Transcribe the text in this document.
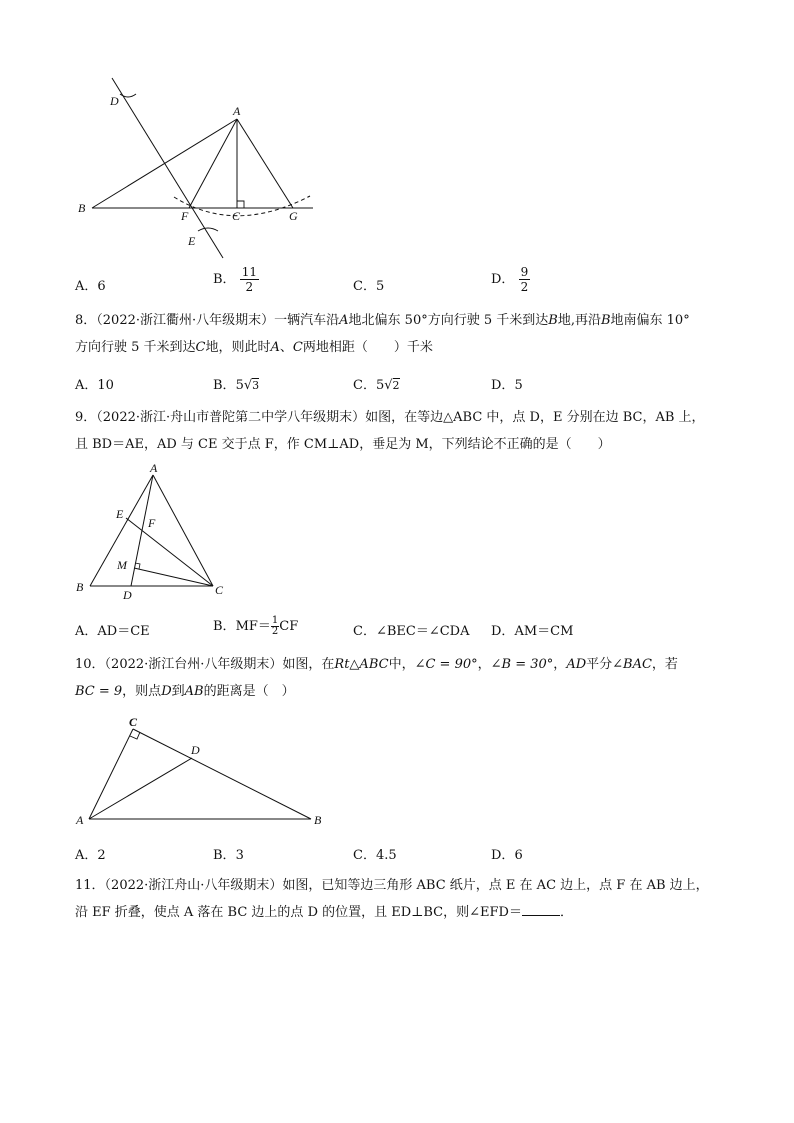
D
A
B
F	C	G
E
A．6	B． $\frac{11}{2}$	C．5	D． $\frac{9}{2}$
8．（2022·浙江衢州·八年级期末）一辆汽车沿A地北偏东 50°方向行驶 5 千米到达B地,再沿B地南偏东 10°
方向行驶 5 千米到达C地，则此时A、C两地相距（　　）千米
A．10	B．5√3	C．5√2	D．5
9．（2022·浙江·舟山市普陀第二中学八年级期末）如图，在等边△ABC 中，点 D，E 分别在边 BC，AB 上，
且 BD＝AE，AD 与 CE 交于点 F，作 CM⊥AD，垂足为 M，下列结论不正确的是（　　）
A
E
F
M
B
D	C
A．AD＝CE	B．$MF= \frac{1}{2}$ CF	C．∠BEC＝∠CDA D．AM＝CM
10．（2022·浙江台州·八年级期末）如图，在Rt△ABC中，∠C = 90°，∠B = 30°，AD平分∠BAC，若
BC = 9，则点D到AB的距离是（　）
C
D
A	B
A．2	B．3	C．4.5	D．6
11．（2022·浙江舟山·八年级期末）如图，已知等边三角形 ABC 纸片，点 E 在 AC 边上，点 F 在 AB 边上，
沿 EF 折叠，使点 A 落在 BC 边上的点 D 的位置，且 ED⊥BC，则∠EFD＝	．
